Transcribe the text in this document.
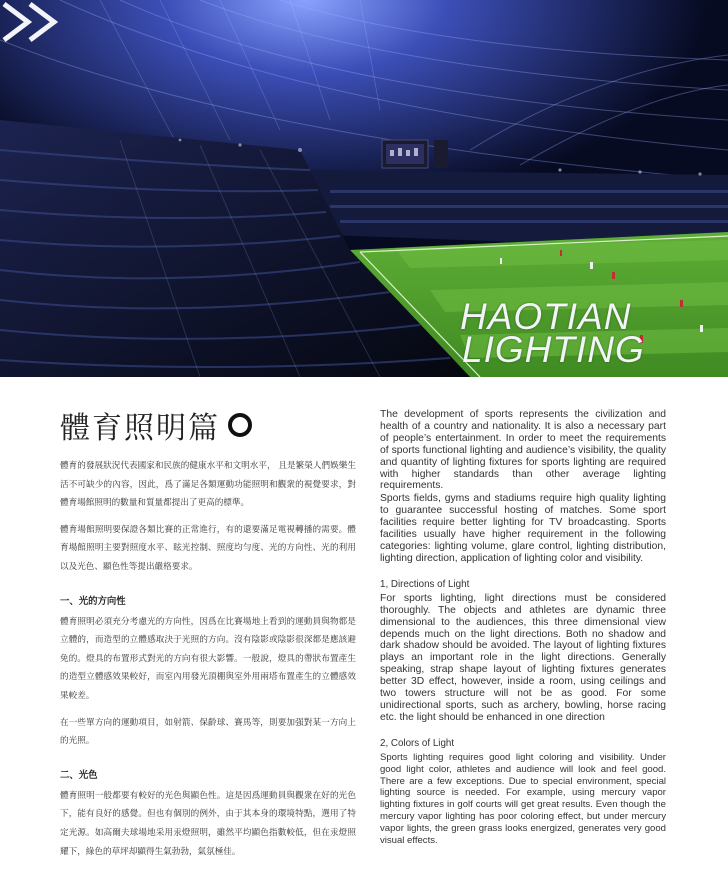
HAOTIAN
LIGHTING
體育照明篇

體育的發展狀況代表國家和民族的健康水平和文明水平， 且是繁榮人們娛樂生活不可缺少的內容，因此，爲了滿足各類運動功能照明和觀衆的視覺要求，對體育場館照明的數量和質量都提出了更高的標準。

體育場館照明要保證各類比賽的正常進行，有的還要滿足電視轉播的需要。體育場館照明主要對照度水平、眩光控制、照度均勻度、光的方向性、光的利用以及光色、顯色性等提出嚴格要求。

一、光的方向性

體育照明必須充分考慮光的方向性，因爲在比賽場地上看到的運動員與物都是立體的，而造型的立體感取決于光照的方向。沒有陰影或陰影很深都是應該避免的。燈具的布置形式對光的方向有很大影響。一般說，燈具的帶狀布置產生的造型立體感效果較好，而室內用發光頂棚與室外用兩塔布置產生的立體感效果較差。

在一些單方向的運動項目，如射箭、保齡球、賽馬等，則要加强對某一方向上的光照。

二、光色

體育照明一般都要有較好的光色與顯色性。這是因爲運動員與觀衆在好的光色下，能有良好的感覺。但也有個別的例外，由于其本身的環境特點，選用了特定光源。如高爾夫球場地采用汞燈照明，雖然平均顯色指數較低，但在汞燈照耀下，綠色的草坪却顯得生氣勃勃，氣氛極佳。

The development of sports represents the civilization and health of a country and nationality. It is also a necessary part of people’s entertainment. In order to meet the requirements of sports functional lighting and audience’s visibility, the quality and quantity of lighting fixtures for sports lighting are required with higher standards than other average lighting requirements.

Sports fields, gyms and stadiums require high quality lighting to guarantee successful hosting of matches. Some sport facilities require better lighting for TV broadcasting. Sports facilities usually have higher requirement in the following categories: lighting volume, glare control, lighting distribution, lighting direction, application of lighting color and visibility.

1, Directions of Light

For sports lighting, light directions must be considered thoroughly. The objects and athletes are dynamic three dimensional to the audiences, this three dimensional view depends much on the light directions. Both no shadow and dark shadow should be avoided. The layout of lighting fixtures plays an important role in the light directions. Generally speaking, strap shape layout of lighting fixtures generates better 3D effect, however, inside a room, using ceilings and two towers structure will not be as good. For some unidirectional sports, such as archery, bowling, horse racing etc. the light should be enhanced in one direction

2, Colors of Light

Sports lighting requires good light coloring and visibility. Under good light color, athletes and audience will look and feel good. There are a few exceptions. Due to special environment, special lighting source is needed. For example, using mercury vapor lighting fixtures in golf courts will get great results. Even though the mercury vapor lighting has poor coloring effect, but under mercury vapor lights, the green grass looks energized, generates very good visual effects.
